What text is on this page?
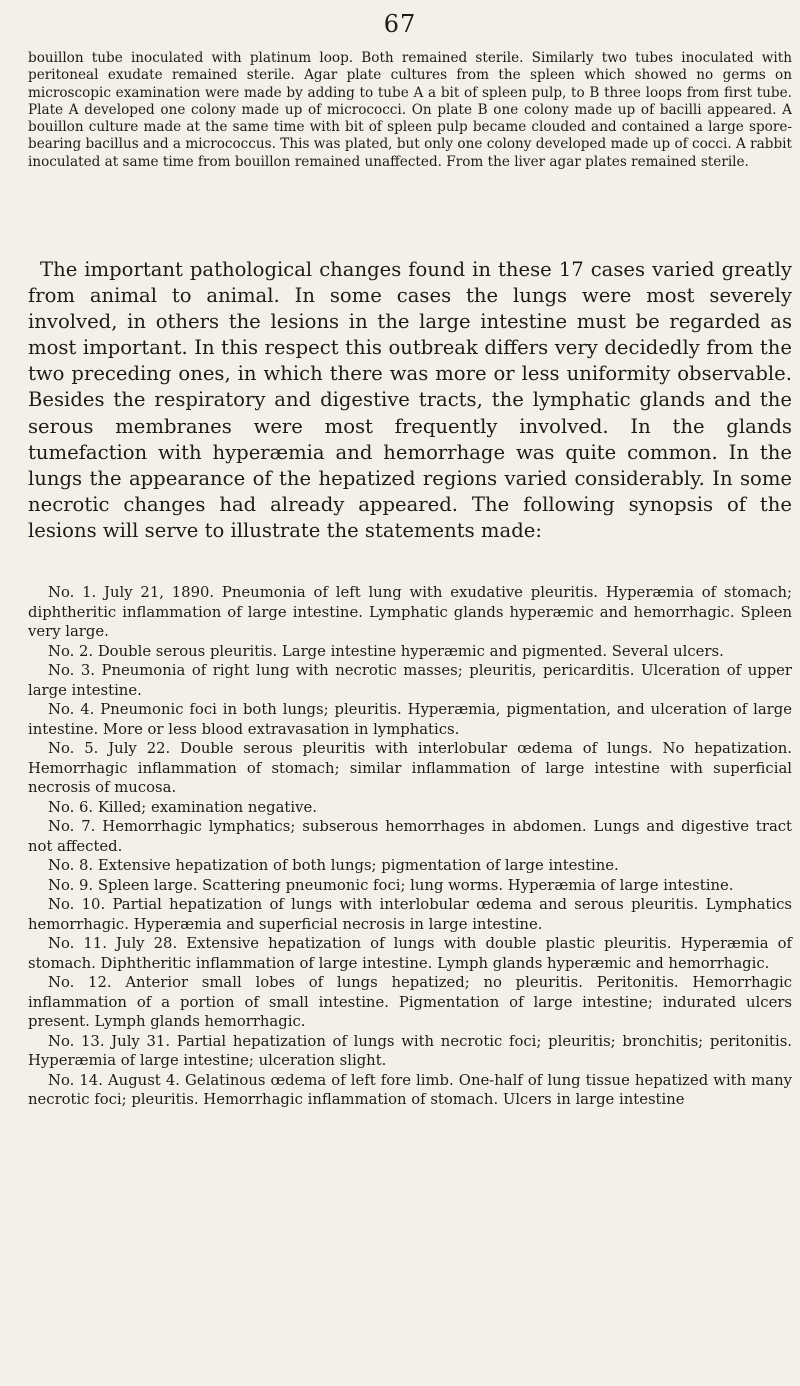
67

bouillon tube inoculated with platinum loop. Both remained sterile. Similarly two tubes inoculated with peritoneal exudate remained sterile. Agar plate cultures from the spleen which showed no germs on microscopic examination were made by adding to tube A a bit of spleen pulp, to B three loops from first tube. Plate A developed one colony made up of micrococci. On plate B one colony made up of bacilli appeared. A bouillon culture made at the same time with bit of spleen pulp became clouded and contained a large spore-bearing bacillus and a micrococcus. This was plated, but only one colony developed made up of cocci. A rabbit inoculated at same time from bouillon remained unaffected. From the liver agar plates remained sterile.

The important pathological changes found in these 17 cases varied greatly from animal to animal. In some cases the lungs were most severely involved, in others the lesions in the large intestine must be regarded as most important. In this respect this outbreak differs very decidedly from the two preceding ones, in which there was more or less uniformity observable. Besides the respiratory and digestive tracts, the lymphatic glands and the serous membranes were most frequently involved. In the glands tumefaction with hyperæmia and hemorrhage was quite common. In the lungs the appearance of the hepatized regions varied considerably. In some necrotic changes had already appeared. The following synopsis of the lesions will serve to illustrate the statements made:

No. 1. July 21, 1890. Pneumonia of left lung with exudative pleuritis. Hyperæmia of stomach; diphtheritic inflammation of large intestine. Lymphatic glands hyperæmic and hemorrhagic. Spleen very large.

No. 2. Double serous pleuritis. Large intestine hyperæmic and pigmented. Several ulcers.

No. 3. Pneumonia of right lung with necrotic masses; pleuritis, pericarditis. Ulceration of upper large intestine.

No. 4. Pneumonic foci in both lungs; pleuritis. Hyperæmia, pigmentation, and ulceration of large intestine. More or less blood extravasation in lymphatics.

No. 5. July 22. Double serous pleuritis with interlobular œdema of lungs. No hepatization. Hemorrhagic inflammation of stomach; similar inflammation of large intestine with superficial necrosis of mucosa.

No. 6. Killed; examination negative.

No. 7. Hemorrhagic lymphatics; subserous hemorrhages in abdomen. Lungs and digestive tract not affected.

No. 8. Extensive hepatization of both lungs; pigmentation of large intestine.

No. 9. Spleen large. Scattering pneumonic foci; lung worms. Hyperæmia of large intestine.

No. 10. Partial hepatization of lungs with interlobular œdema and serous pleuritis. Lymphatics hemorrhagic. Hyperæmia and superficial necrosis in large intestine.

No. 11. July 28. Extensive hepatization of lungs with double plastic pleuritis. Hyperæmia of stomach. Diphtheritic inflammation of large intestine. Lymph glands hyperæmic and hemorrhagic.

No. 12. Anterior small lobes of lungs hepatized; no pleuritis. Peritonitis. Hemorrhagic inflammation of a portion of small intestine. Pigmentation of large intestine; indurated ulcers present. Lymph glands hemorrhagic.

No. 13. July 31. Partial hepatization of lungs with necrotic foci; pleuritis; bronchitis; peritonitis. Hyperæmia of large intestine; ulceration slight.

No. 14. August 4. Gelatinous œdema of left fore limb. One-half of lung tissue hepatized with many necrotic foci; pleuritis. Hemorrhagic inflammation of stomach. Ulcers in large intestine
